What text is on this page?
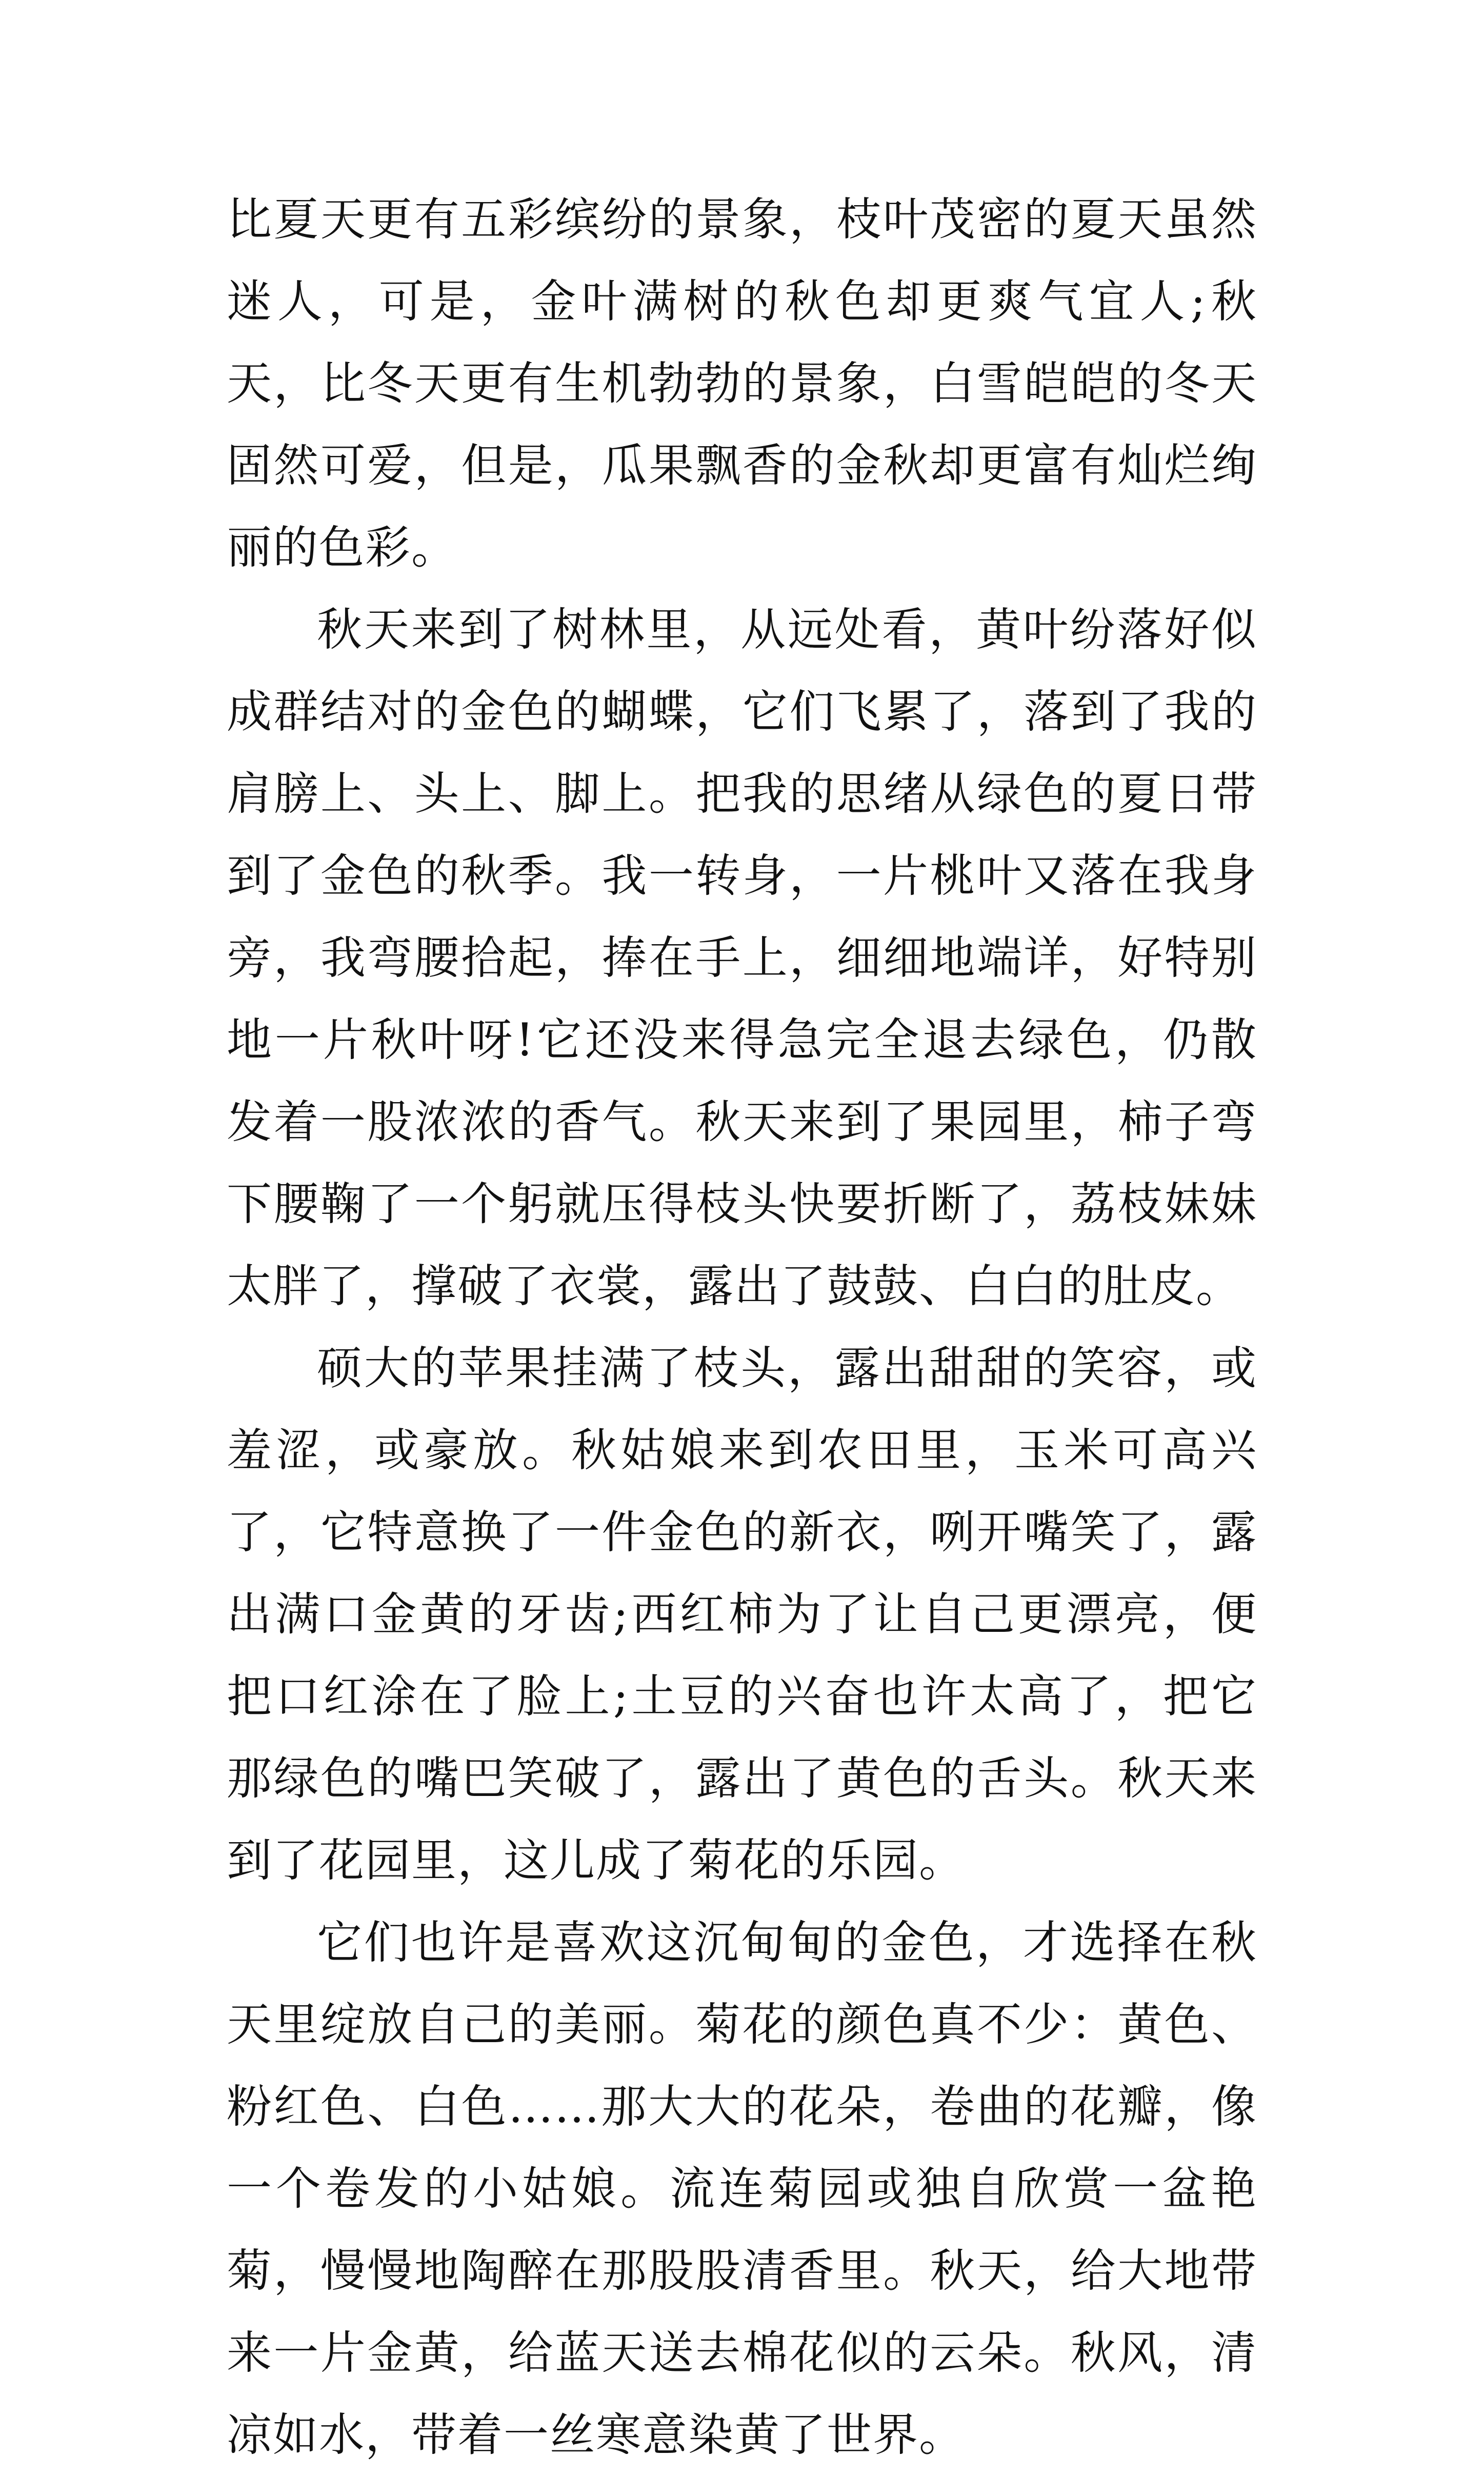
比夏天更有五彩缤纷的景象，枝叶茂密的夏天虽然迷人，可是，金叶满树的秋色却更爽气宜人;秋天，比冬天更有生机勃勃的景象，白雪皑皑的冬天固然可爱，但是，瓜果飘香的金秋却更富有灿烂绚丽的色彩。

秋天来到了树林里，从远处看，黄叶纷落好似成群结对的金色的蝴蝶，它们飞累了，落到了我的肩膀上、头上、脚上。把我的思绪从绿色的夏日带到了金色的秋季。我一转身，一片桃叶又落在我身旁，我弯腰拾起，捧在手上，细细地端详，好特别地一片秋叶呀!它还没来得急完全退去绿色，仍散发着一股浓浓的香气。秋天来到了果园里，柿子弯下腰鞠了一个躬就压得枝头快要折断了，荔枝妹妹太胖了，撑破了衣裳，露出了鼓鼓、白白的肚皮。

硕大的苹果挂满了枝头，露出甜甜的笑容，或羞涩，或豪放。秋姑娘来到农田里，玉米可高兴了，它特意换了一件金色的新衣，咧开嘴笑了，露出满口金黄的牙齿;西红柿为了让自己更漂亮，便把口红涂在了脸上;土豆的兴奋也许太高了，把它那绿色的嘴巴笑破了，露出了黄色的舌头。秋天来到了花园里，这儿成了菊花的乐园。

它们也许是喜欢这沉甸甸的金色，才选择在秋天里绽放自己的美丽。菊花的颜色真不少：黄色、粉红色、白色……那大大的花朵，卷曲的花瓣，像一个卷发的小姑娘。流连菊园或独自欣赏一盆艳菊，慢慢地陶醉在那股股清香里。秋天，给大地带来一片金黄，给蓝天送去棉花似的云朵。秋风，清凉如水，带着一丝寒意染黄了世界。
